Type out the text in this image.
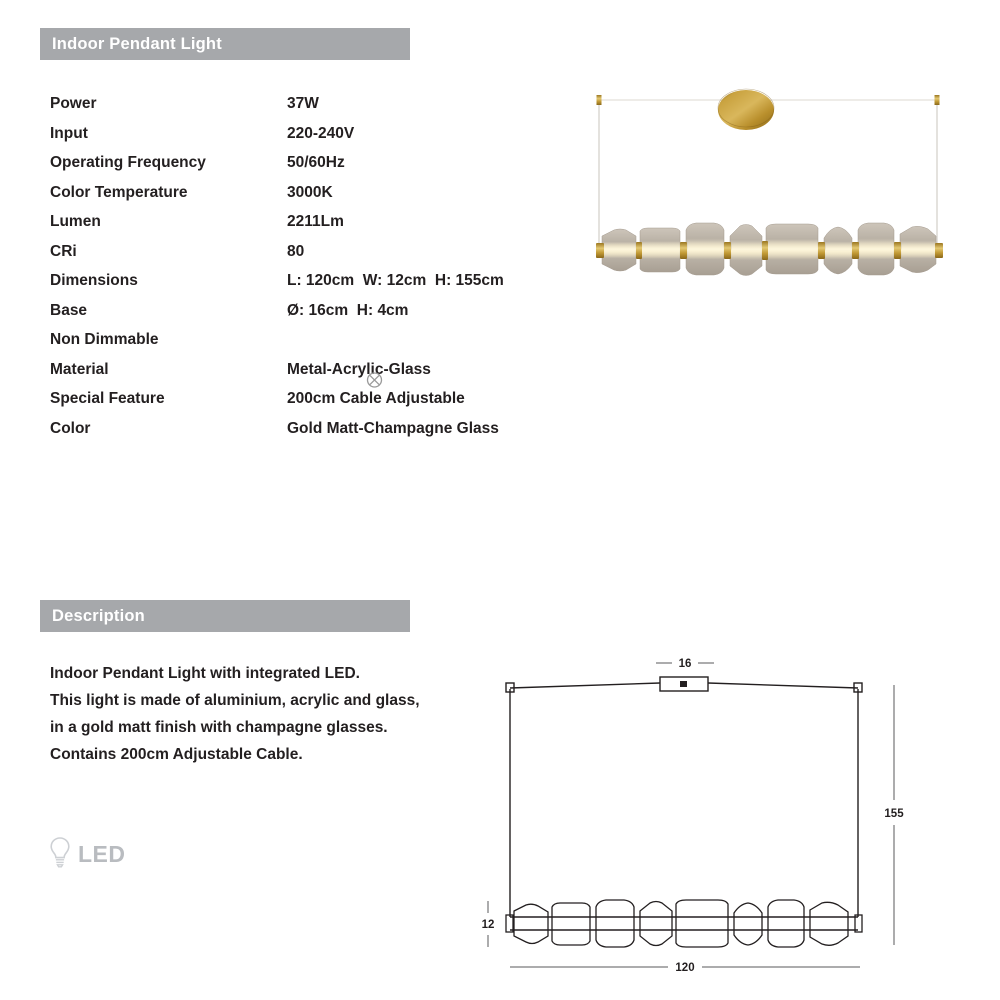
Indoor Pendant Light
Power	37W
Input	220-240V
Operating Frequency	50/60Hz
Color Temperature	3000K
Lumen	2211Lm
CRi	80
Dimensions	L: 120cm  W: 12cm  H: 155cm
Base	Ø: 16cm  H: 4cm
Non Dimmable

Material	Metal-Acrylic-Glass
Special Feature	200cm Cable Adjustable
Color	Gold Matt-Champagne Glass
Description
Indoor Pendant Light with integrated LED.
This light is made of aluminium, acrylic and glass,
in a gold matt finish with champagne glasses.
Contains 200cm Adjustable Cable.
LED
16
155
12
120
